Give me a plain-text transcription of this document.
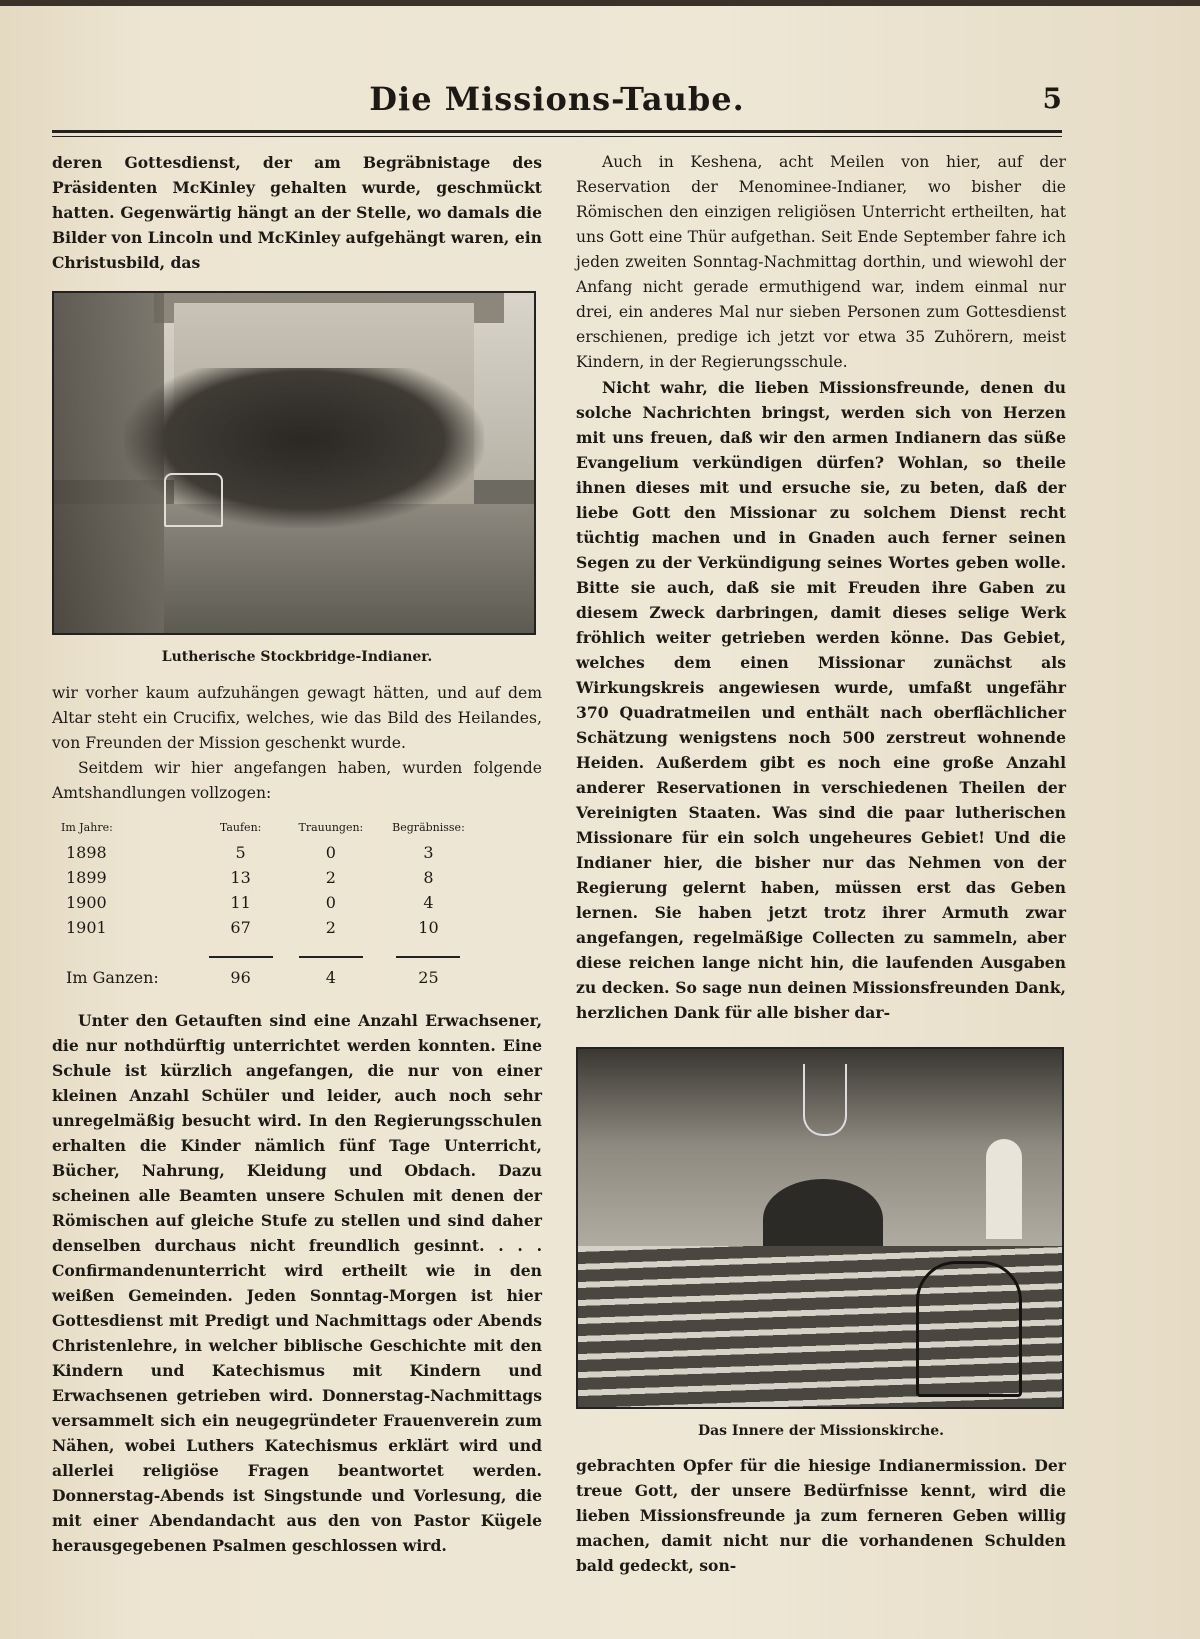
Die Missions-Taube.	5

deren Gottesdienst, der am Begräbnistage des Präsidenten McKinley gehalten wurde, geschmückt hatten. Gegenwärtig hängt an der Stelle, wo damals die Bilder von Lincoln und McKinley aufgehängt waren, ein Christusbild, das

Lutherische Stockbridge-Indianer.

wir vorher kaum aufzuhängen gewagt hätten, und auf dem Altar steht ein Crucifix, welches, wie das Bild des Heilandes, von Freunden der Mission geschenkt wurde.

Seitdem wir hier angefangen haben, wurden folgende Amtshandlungen vollzogen:

Im Jahre:	Taufen:	Trauungen:	Begräbnisse:
1898	5	0	3
1899	13	2	8
1900	11	0	4
1901	67	2	10

Im Ganzen:	96	4	25

Unter den Getauften sind eine Anzahl Erwachsener, die nur nothdürftig unterrichtet werden konnten. Eine Schule ist kürzlich angefangen, die nur von einer kleinen Anzahl Schüler und leider, auch noch sehr unregelmäßig besucht wird. In den Regierungsschulen erhalten die Kinder nämlich fünf Tage Unterricht, Bücher, Nahrung, Kleidung und Obdach. Dazu scheinen alle Beamten unsere Schulen mit denen der Römischen auf gleiche Stufe zu stellen und sind daher denselben durchaus nicht freundlich gesinnt. . . . Confirmandenunterricht wird ertheilt wie in den weißen Gemeinden. Jeden Sonntag-Morgen ist hier Gottesdienst mit Predigt und Nachmittags oder Abends Christenlehre, in welcher biblische Geschichte mit den Kindern und Katechismus mit Kindern und Erwachsenen getrieben wird. Donnerstag-Nachmittags versammelt sich ein neugegründeter Frauenverein zum Nähen, wobei Luthers Katechismus erklärt wird und allerlei religiöse Fragen beantwortet werden. Donnerstag-Abends ist Singstunde und Vorlesung, die mit einer Abendandacht aus den von Pastor Kügele herausgegebenen Psalmen geschlossen wird.

Auch in Keshena, acht Meilen von hier, auf der Reservation der Menominee-Indianer, wo bisher die Römischen den einzigen religiösen Unterricht ertheilten, hat uns Gott eine Thür aufgethan. Seit Ende September fahre ich jeden zweiten Sonntag-Nachmittag dorthin, und wiewohl der Anfang nicht gerade ermuthigend war, indem einmal nur drei, ein anderes Mal nur sieben Personen zum Gottesdienst erschienen, predige ich jetzt vor etwa 35 Zuhörern, meist Kindern, in der Regierungsschule.

Nicht wahr, die lieben Missionsfreunde, denen du solche Nachrichten bringst, werden sich von Herzen mit uns freuen, daß wir den armen Indianern das süße Evangelium verkündigen dürfen? Wohlan, so theile ihnen dieses mit und ersuche sie, zu beten, daß der liebe Gott den Missionar zu solchem Dienst recht tüchtig machen und in Gnaden auch ferner seinen Segen zu der Verkündigung seines Wortes geben wolle. Bitte sie auch, daß sie mit Freuden ihre Gaben zu diesem Zweck darbringen, damit dieses selige Werk fröhlich weiter getrieben werden könne. Das Gebiet, welches dem einen Missionar zunächst als Wirkungskreis angewiesen wurde, umfaßt ungefähr 370 Quadratmeilen und enthält nach oberflächlicher Schätzung wenigstens noch 500 zerstreut wohnende Heiden. Außerdem gibt es noch eine große Anzahl anderer Reservationen in verschiedenen Theilen der Vereinigten Staaten. Was sind die paar lutherischen Missionare für ein solch ungeheures Gebiet! Und die Indianer hier, die bisher nur das Nehmen von der Regierung gelernt haben, müssen erst das Geben lernen. Sie haben jetzt trotz ihrer Armuth zwar angefangen, regelmäßige Collecten zu sammeln, aber diese reichen lange nicht hin, die laufenden Ausgaben zu decken. So sage nun deinen Missionsfreunden Dank, herzlichen Dank für alle bisher dar-

Das Innere der Missionskirche.

gebrachten Opfer für die hiesige Indianermission. Der treue Gott, der unsere Bedürfnisse kennt, wird die lieben Missionsfreunde ja zum ferneren Geben willig machen, damit nicht nur die vorhandenen Schulden bald gedeckt, son-
